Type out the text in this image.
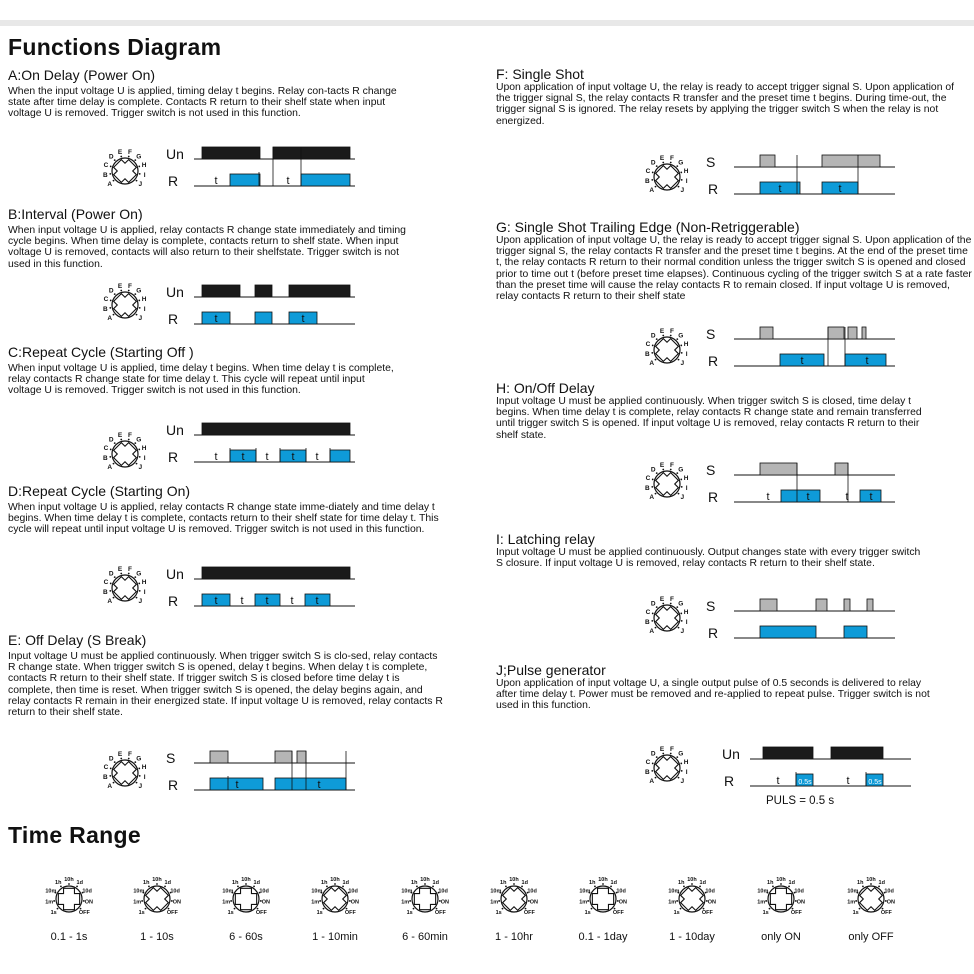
Functions Diagram
Time Range
A:On Delay (Power On)
When the input voltage U is applied, timing delay t begins. Relay con-tacts R change state after time delay is complete. Contacts R return to their shelf state when input voltage U is removed. Trigger switch is not used in this function.
B:Interval (Power On)
When input voltage U is applied, relay contacts R change state immediately and timing cycle begins. When time delay is complete, contacts return to shelf state. When input voltage U is removed, contacts will also return to their shelfstate. Trigger switch is not used in this function.
C:Repeat Cycle (Starting Off )
When input voltage U is applied, time delay t begins. When time delay t is complete, relay contacts R change state for time delay t. This cycle will repeat until input voltage U is removed. Trigger switch is not used in this function.
D:Repeat Cycle (Starting On)
When input voltage U is applied, relay contacts R change state imme-diately and time delay t begins. When time delay t is complete, contacts return to their shelf state for time delay t. This cycle will repeat until input voltage U is removed. Trigger switch is not used in this function.
E: Off Delay (S Break)
Input voltage U must be applied continuously. When trigger switch S is clo-sed, relay contacts R change state. When trigger switch S is opened, delay t begins. When delay t is complete, contacts R return to their shelf state. If trigger switch S is closed before time delay t is complete, then time is reset. When trigger switch S is opened, the delay begins again, and relay contacts R remain in their energized state. If input voltage U is removed, relay contacts R return to their shelf state.
F: Single Shot
Upon application of input voltage U, the relay is ready to accept trigger signal S. Upon application of the trigger signal S, the relay contacts R transfer and the preset time t begins. During time-out, the trigger signal S is ignored. The relay resets by applying the trigger switch S when the relay is not energized.
G: Single Shot Trailing Edge (Non-Retriggerable)
Upon application of input voltage U, the relay is ready to accept trigger signal S. Upon application of the trigger signal S, the relay contacts R transfer and the preset time t begins. At the end of the preset time t, the relay contacts R return to their normal condition unless the trigger switch S is opened and closed prior to time out t (before preset time elapses). Continuous cycling of the trigger switch S at a rate faster than the preset time will cause the relay contacts R to remain closed. If input voltage U is removed, relay contacts R return to their shelf state
H: On/Off Delay
Input voltage U must be applied continuously. When trigger switch S is closed, time delay t begins. When time delay t is complete, relay contacts R change state and remain transferred until trigger switch S is opened. If input voltage U is removed, relay contacts R return to their shelf state.
I: Latching relay
Input voltage U must be applied continuously. Output changes state with every trigger switch S closure. If input voltage U is removed, relay contacts R return to their shelf state.
J;Pulse generator
Upon application of input voltage U, a single output pulse of 0.5 seconds is delivered to relay after time delay t. Power must be removed and re-applied to repeat pulse. Trigger switch is not used in this function.
A
B
C
D
E F
G
H
I
J
A
B
C
D
E F
G
H
I
J
A
B
C
D
E F
G
H
I
J
A
B
C
D
E F
G
H
I
J
A
B
C
D
E F
G
H
I
J
A
B
C
D
E F
G
H
I
J
A
B
C
D
E F
G
H
I
J
A
B
C
D
E F
G
H
I
J
A
B
C
D
E F
G
H
I
J
A
B
C
D
E F
G
H
I
J
Un
R	t	t
Un
R	t	t
Un
R	t t t t t
Un
R	t t t t t
S
R	t	t
S
R	t	t
S
R	t	t
S
R	t	t	t t
S
R
Un
R	t	0.5s	t	0.5s
PULS = 0.5 s
1s
1m
10m
1h
10h
1d
10d
ON
OFF
0.1 - 1s
1s
1m
10m
1h
10h
1d
10d
ON
OFF
1 - 10s
1s
1m
10m
1h
10h
1d
10d
ON
OFF
6 - 60s
1s
1m
10m
1h
10h
1d
10d
ON
OFF
1 - 10min
1s
1m
10m
1h
10h
1d
10d
ON
OFF
6 - 60min
1s
1m
10m
1h
10h
1d
10d
ON
OFF
1 - 10hr
1s
1m
10m
1h
10h
1d
10d
ON
OFF
0.1 - 1day
1s
1m
10m
1h
10h
1d
10d
ON
OFF
1 - 10day
1s
1m
10m
1h
10h
1d
10d
ON
OFF
only ON
1s
1m
10m
1h
10h
1d
10d
ON
OFF
only OFF
